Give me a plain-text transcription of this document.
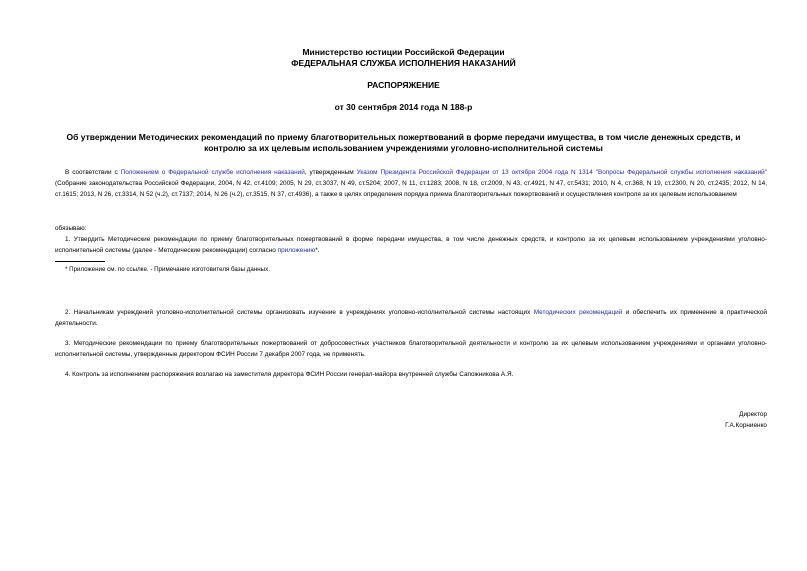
Министерство юстиции Российской Федерации
ФЕДЕРАЛЬНАЯ СЛУЖБА ИСПОЛНЕНИЯ НАКАЗАНИЙ
РАСПОРЯЖЕНИЕ
от 30 сентября 2014 года N 188-р
Об утверждении Методических рекомендаций по приему благотворительных пожертвований в форме передачи имущества, в том числе денежных средств, и контролю за их целевым использованием учреждениями уголовно-исполнительной системы
В соответствии с Положением о Федеральной службе исполнения наказаний, утвержденным Указом Президента Российской Федерации от 13 октября 2004 года N 1314 "Вопросы Федеральной службы исполнения наказаний" (Собрание законодательства Российской Федерации, 2004, N 42, ст.4109; 2005, N 29, ст.3037, N 49, ст.5204; 2007, N 11, ст.1283; 2008, N 18, ст.2009, N 43, ст.4921, N 47, ст.5431; 2010, N 4, ст.368, N 19, ст.2300, N 20, ст.2435; 2012, N 14, ст.1615; 2013, N 26, ст.3314, N 52 (ч.2), ст.7137; 2014, N 26 (ч.2), ст.3515, N 37, ст.4936), а также в целях определения порядка приема благотворительных пожертвований и осуществления контроля за их целевым использованием
обязываю:
1. Утвердить Методические рекомендации по приему благотворительных пожертвований в форме передачи имущества, в том числе денежных средств, и контролю за их целевым использованием учреждениями уголовно-исполнительной системы (далее - Методические рекомендации) согласно приложению*.
* Приложение см. по ссылке. - Примечание изготовителя базы данных.
2. Начальникам учреждений уголовно-исполнительной системы организовать изучение в учреждениях уголовно-исполнительной системы настоящих Методических рекомендаций и обеспечить их применение в практической деятельности.
3. Методические рекомендации по приему благотворительных пожертвований от добросовестных участников благотворительной деятельности и контролю за их целевым использованием учреждениями и органами уголовно-исполнительной системы, утвержденные директором ФСИН России 7 декабря 2007 года, не применять.
4. Контроль за исполнением распоряжения возлагаю на заместителя директора ФСИН России генерал-майора внутренней службы Сапожникова А.Я.
Директор
Г.А.Корниенко
